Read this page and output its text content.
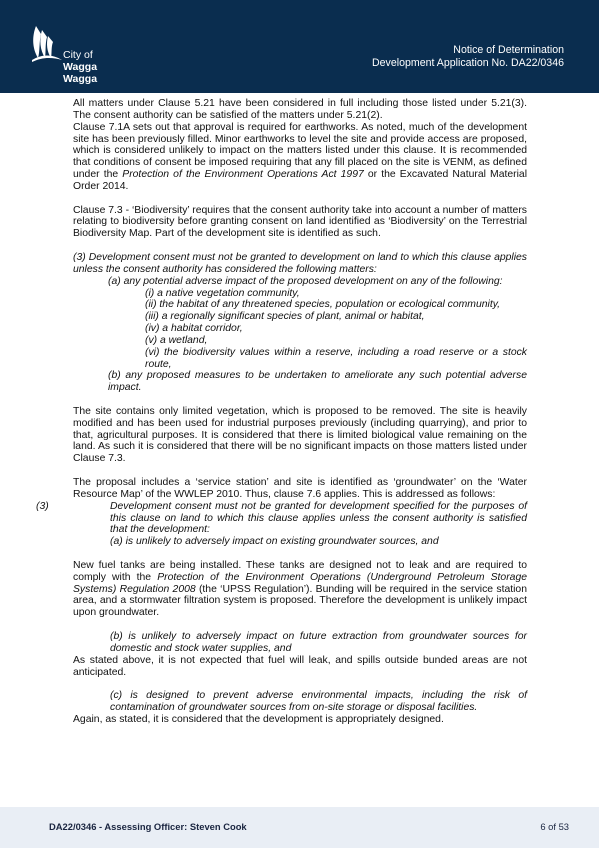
City of
Wagga Wagga
Notice of Determination
Development Application No. DA22/0346
All matters under Clause 5.21 have been considered in full including those listed under 5.21(3). The consent authority can be satisfied of the matters under 5.21(2).
Clause 7.1A sets out that approval is required for earthworks. As noted, much of the development site has been previously filled. Minor earthworks to level the site and provide access are proposed, which is considered unlikely to impact on the matters listed under this clause. It is recommended that conditions of consent be imposed requiring that any fill placed on the site is VENM, as defined under the Protection of the Environment Operations Act 1997 or the Excavated Natural Material Order 2014.
Clause 7.3 - ‘Biodiversity’ requires that the consent authority take into account a number of matters relating to biodiversity before granting consent on land identified as ‘Biodiversity’ on the Terrestrial Biodiversity Map. Part of the development site is identified as such.
(3) Development consent must not be granted to development on land to which this clause applies unless the consent authority has considered the following matters:
(a) any potential adverse impact of the proposed development on any of the following:
(i) a native vegetation community,
(ii) the habitat of any threatened species, population or ecological community,
(iii) a regionally significant species of plant, animal or habitat,
(iv) a habitat corridor,
(v) a wetland,
(vi) the biodiversity values within a reserve, including a road reserve or a stock route,
(b) any proposed measures to be undertaken to ameliorate any such potential adverse impact.
The site contains only limited vegetation, which is proposed to be removed. The site is heavily modified and has been used for industrial purposes previously (including quarrying), and prior to that, agricultural purposes. It is considered that there is limited biological value remaining on the land. As such it is considered that there will be no significant impacts on those matters listed under Clause 7.3.
The proposal includes a ‘service station’ and site is identified as ‘groundwater’ on the ‘Water Resource Map’ of the WWLEP 2010. Thus, clause 7.6 applies. This is addressed as follows:
(3)	Development consent must not be granted for development specified for the purposes of this clause on land to which this clause applies unless the consent authority is satisfied that the development:
(a) is unlikely to adversely impact on existing groundwater sources, and
New fuel tanks are being installed. These tanks are designed not to leak and are required to comply with the Protection of the Environment Operations (Underground Petroleum Storage Systems) Regulation 2008 (the ‘UPSS Regulation’). Bunding will be required in the service station area, and a stormwater filtration system is proposed. Therefore the development is unlikely impact upon groundwater.
(b) is unlikely to adversely impact on future extraction from groundwater sources for domestic and stock water supplies, and
As stated above, it is not expected that fuel will leak, and spills outside bunded areas are not anticipated.
(c) is designed to prevent adverse environmental impacts, including the risk of contamination of groundwater sources from on-site storage or disposal facilities.
Again, as stated, it is considered that the development is appropriately designed.
DA22/0346 - Assessing Officer: Steven Cook	6 of 53
